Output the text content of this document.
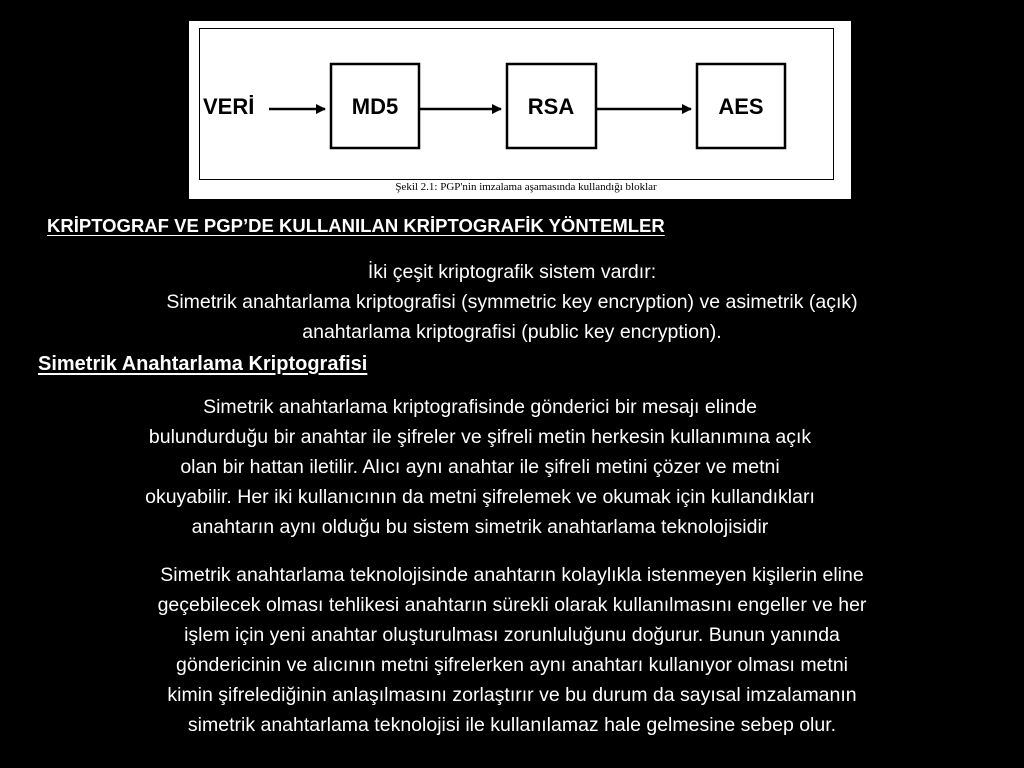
VERİ	MD5	RSA	AES
Şekil 2.1: PGP'nin imzalama aşamasında kullandığı bloklar
KRİPTOGRAF VE PGP’DE KULLANILAN KRİPTOGRAFİK YÖNTEMLER
İki çeşit kriptografik sistem vardır:
Simetrik anahtarlama kriptografisi (symmetric key encryption) ve asimetrik (açık)
anahtarlama kriptografisi (public key encryption).
Simetrik Anahtarlama Kriptografisi
Simetrik anahtarlama kriptografisinde gönderici bir mesajı elinde
bulundurduğu bir anahtar ile şifreler ve şifreli metin herkesin kullanımına açık
olan bir hattan iletilir. Alıcı aynı anahtar ile şifreli metini çözer ve metni
okuyabilir. Her iki kullanıcının da metni şifrelemek ve okumak için kullandıkları
anahtarın aynı olduğu bu sistem simetrik anahtarlama teknolojisidir
Simetrik anahtarlama teknolojisinde anahtarın kolaylıkla istenmeyen kişilerin eline
geçebilecek olması tehlikesi anahtarın sürekli olarak kullanılmasını engeller ve her
işlem için yeni anahtar oluşturulması zorunluluğunu doğurur. Bunun yanında
göndericinin ve alıcının metni şifrelerken aynı anahtarı kullanıyor olması metni
kimin şifrelediğinin anlaşılmasını zorlaştırır ve bu durum da sayısal imzalamanın
simetrik anahtarlama teknolojisi ile kullanılamaz hale gelmesine sebep olur.
